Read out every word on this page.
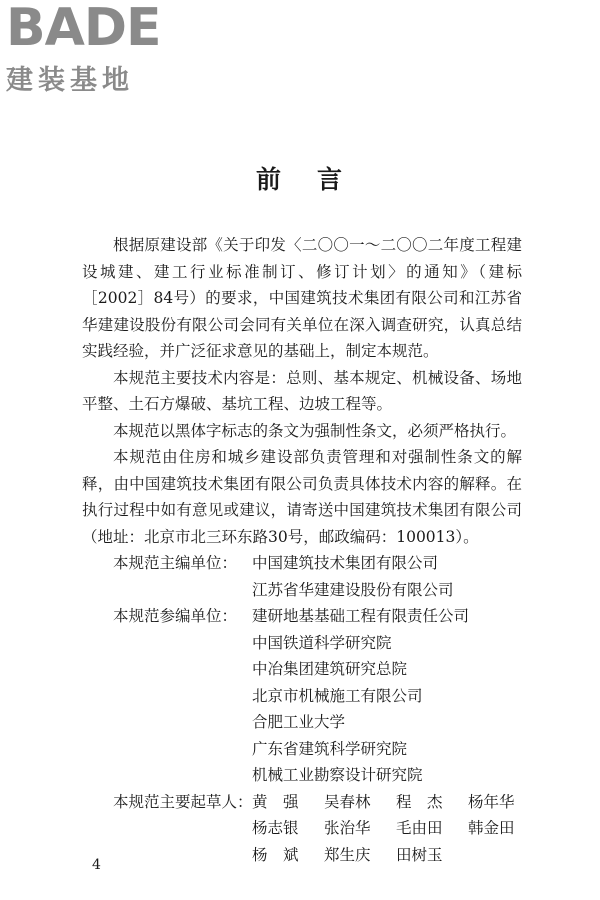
BADE
建装基地
前 言

根据原建设部《关于印发〈二〇〇一～二〇〇二年度工程建设城建、建工行业标准制订、修订计划〉的通知》（建标［2002］84号）的要求，中国建筑技术集团有限公司和江苏省华建建设股份有限公司会同有关单位在深入调查研究，认真总结实践经验，并广泛征求意见的基础上，制定本规范。

本规范主要技术内容是：总则、基本规定、机械设备、场地平整、土石方爆破、基坑工程、边坡工程等。

本规范以黑体字标志的条文为强制性条文，必须严格执行。

本规范由住房和城乡建设部负责管理和对强制性条文的解释，由中国建筑技术集团有限公司负责具体技术内容的解释。在执行过程中如有意见或建议，请寄送中国建筑技术集团有限公司（地址：北京市北三环东路30号，邮政编码：100013）。

本规范主编单位： 中国建筑技术集团有限公司
江苏省华建建设股份有限公司
本规范参编单位： 建研地基基础工程有限责任公司
中国铁道科学研究院
中冶集团建筑研究总院
北京市机械施工有限公司
合肥工业大学
广东省建筑科学研究院
机械工业勘察设计研究院
本规范主要起草人： 黄　强	吴春林	程　杰	杨年华
杨志银	张治华	毛由田	韩金田
杨　斌	郑生庆	田树玉
4
